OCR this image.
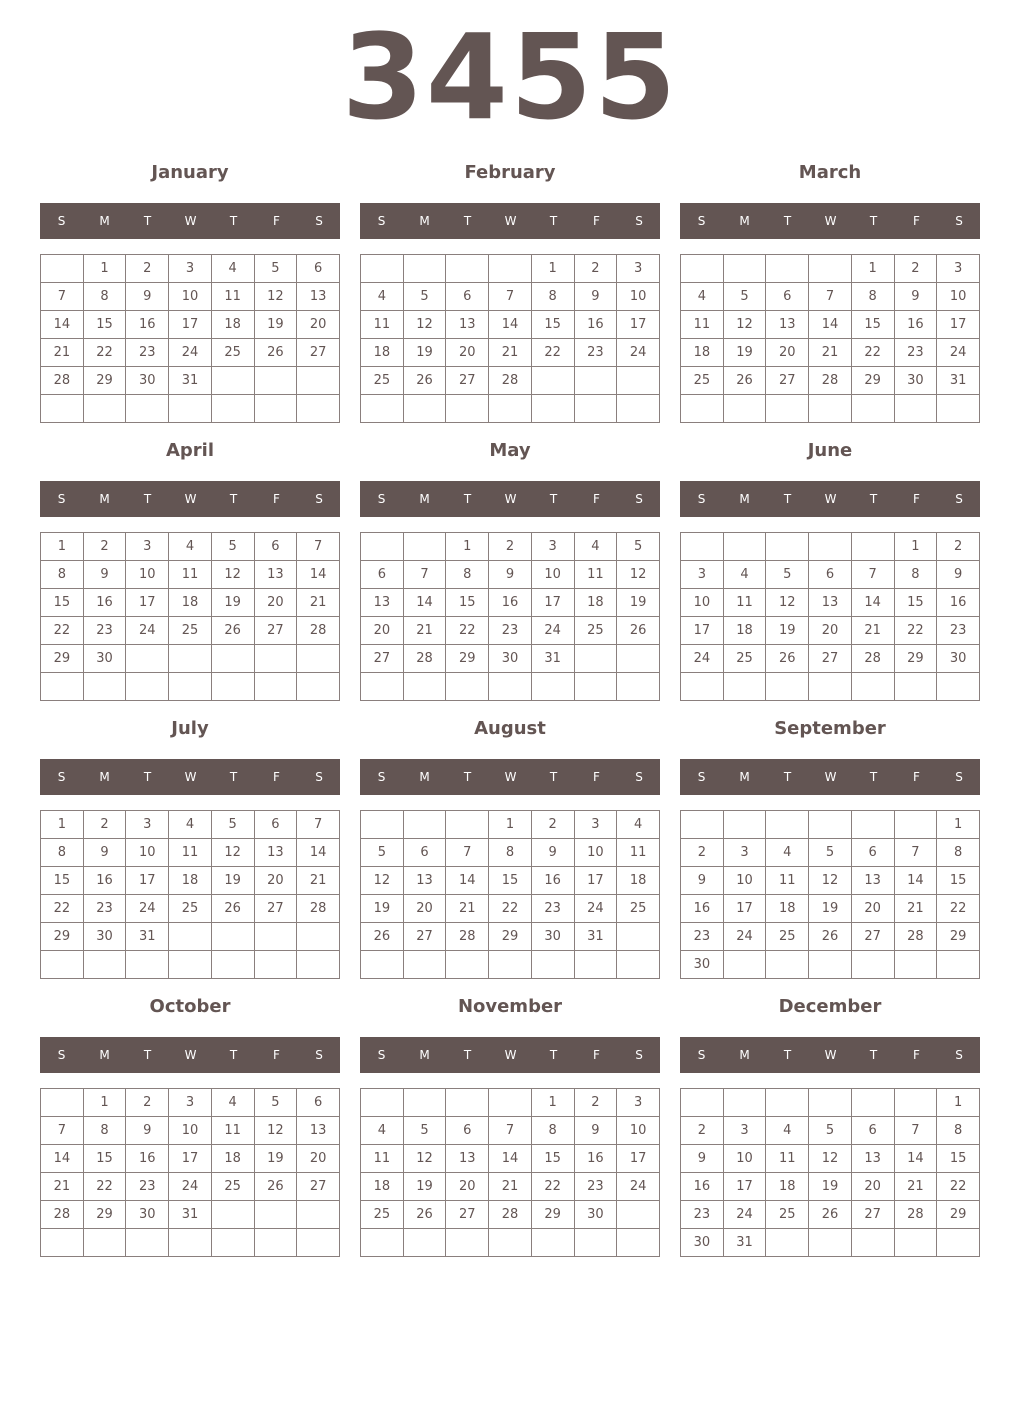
3455
January
S	M	T	W	T	F	S
	1	2	3	4	5	6
7	8	9	10	11	12	13
14	15	16	17	18	19	20
21	22	23	24	25	26	27
28	29	30	31			

February
S	M	T	W	T	F	S
				1	2	3
4	5	6	7	8	9	10
11	12	13	14	15	16	17
18	19	20	21	22	23	24
25	26	27	28			

March
S	M	T	W	T	F	S
				1	2	3
4	5	6	7	8	9	10
11	12	13	14	15	16	17
18	19	20	21	22	23	24
25	26	27	28	29	30	31

April
S	M	T	W	T	F	S
1	2	3	4	5	6	7
8	9	10	11	12	13	14
15	16	17	18	19	20	21
22	23	24	25	26	27	28
29	30					

May
S	M	T	W	T	F	S
		1	2	3	4	5
6	7	8	9	10	11	12
13	14	15	16	17	18	19
20	21	22	23	24	25	26
27	28	29	30	31		

June
S	M	T	W	T	F	S
					1	2
3	4	5	6	7	8	9
10	11	12	13	14	15	16
17	18	19	20	21	22	23
24	25	26	27	28	29	30

July
S	M	T	W	T	F	S
1	2	3	4	5	6	7
8	9	10	11	12	13	14
15	16	17	18	19	20	21
22	23	24	25	26	27	28
29	30	31				

August
S	M	T	W	T	F	S
			1	2	3	4
5	6	7	8	9	10	11
12	13	14	15	16	17	18
19	20	21	22	23	24	25
26	27	28	29	30	31	

September
S	M	T	W	T	F	S
						1
2	3	4	5	6	7	8
9	10	11	12	13	14	15
16	17	18	19	20	21	22
23	24	25	26	27	28	29
30						
October
S	M	T	W	T	F	S
	1	2	3	4	5	6
7	8	9	10	11	12	13
14	15	16	17	18	19	20
21	22	23	24	25	26	27
28	29	30	31			

November
S	M	T	W	T	F	S
				1	2	3
4	5	6	7	8	9	10
11	12	13	14	15	16	17
18	19	20	21	22	23	24
25	26	27	28	29	30	

December
S	M	T	W	T	F	S
						1
2	3	4	5	6	7	8
9	10	11	12	13	14	15
16	17	18	19	20	21	22
23	24	25	26	27	28	29
30	31					
